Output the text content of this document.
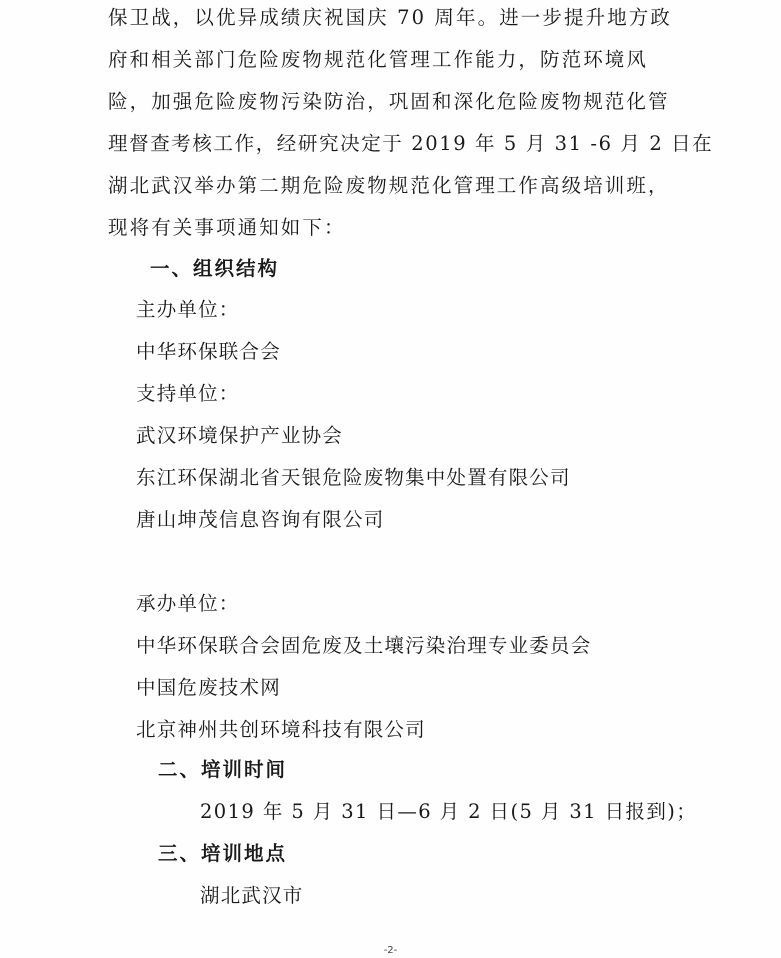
保卫战，以优异成绩庆祝国庆 70 周年。进一步提升地方政
府和相关部门危险废物规范化管理工作能力，防范环境风
险，加强危险废物污染防治，巩固和深化危险废物规范化管
理督查考核工作，经研究决定于 2019 年 5 月 31 -6 月 2 日在
湖北武汉举办第二期危险废物规范化管理工作高级培训班，
现将有关事项通知如下：
一、组织结构
主办单位：
中华环保联合会
支持单位：
武汉环境保护产业协会
东江环保湖北省天银危险废物集中处置有限公司
唐山坤茂信息咨询有限公司
承办单位：
中华环保联合会固危废及土壤污染治理专业委员会
中国危废技术网
北京神州共创环境科技有限公司
二、培训时间
2019 年 5 月 31 日—6 月 2 日(5 月 31 日报到)；
三、培训地点
湖北武汉市
-2-
